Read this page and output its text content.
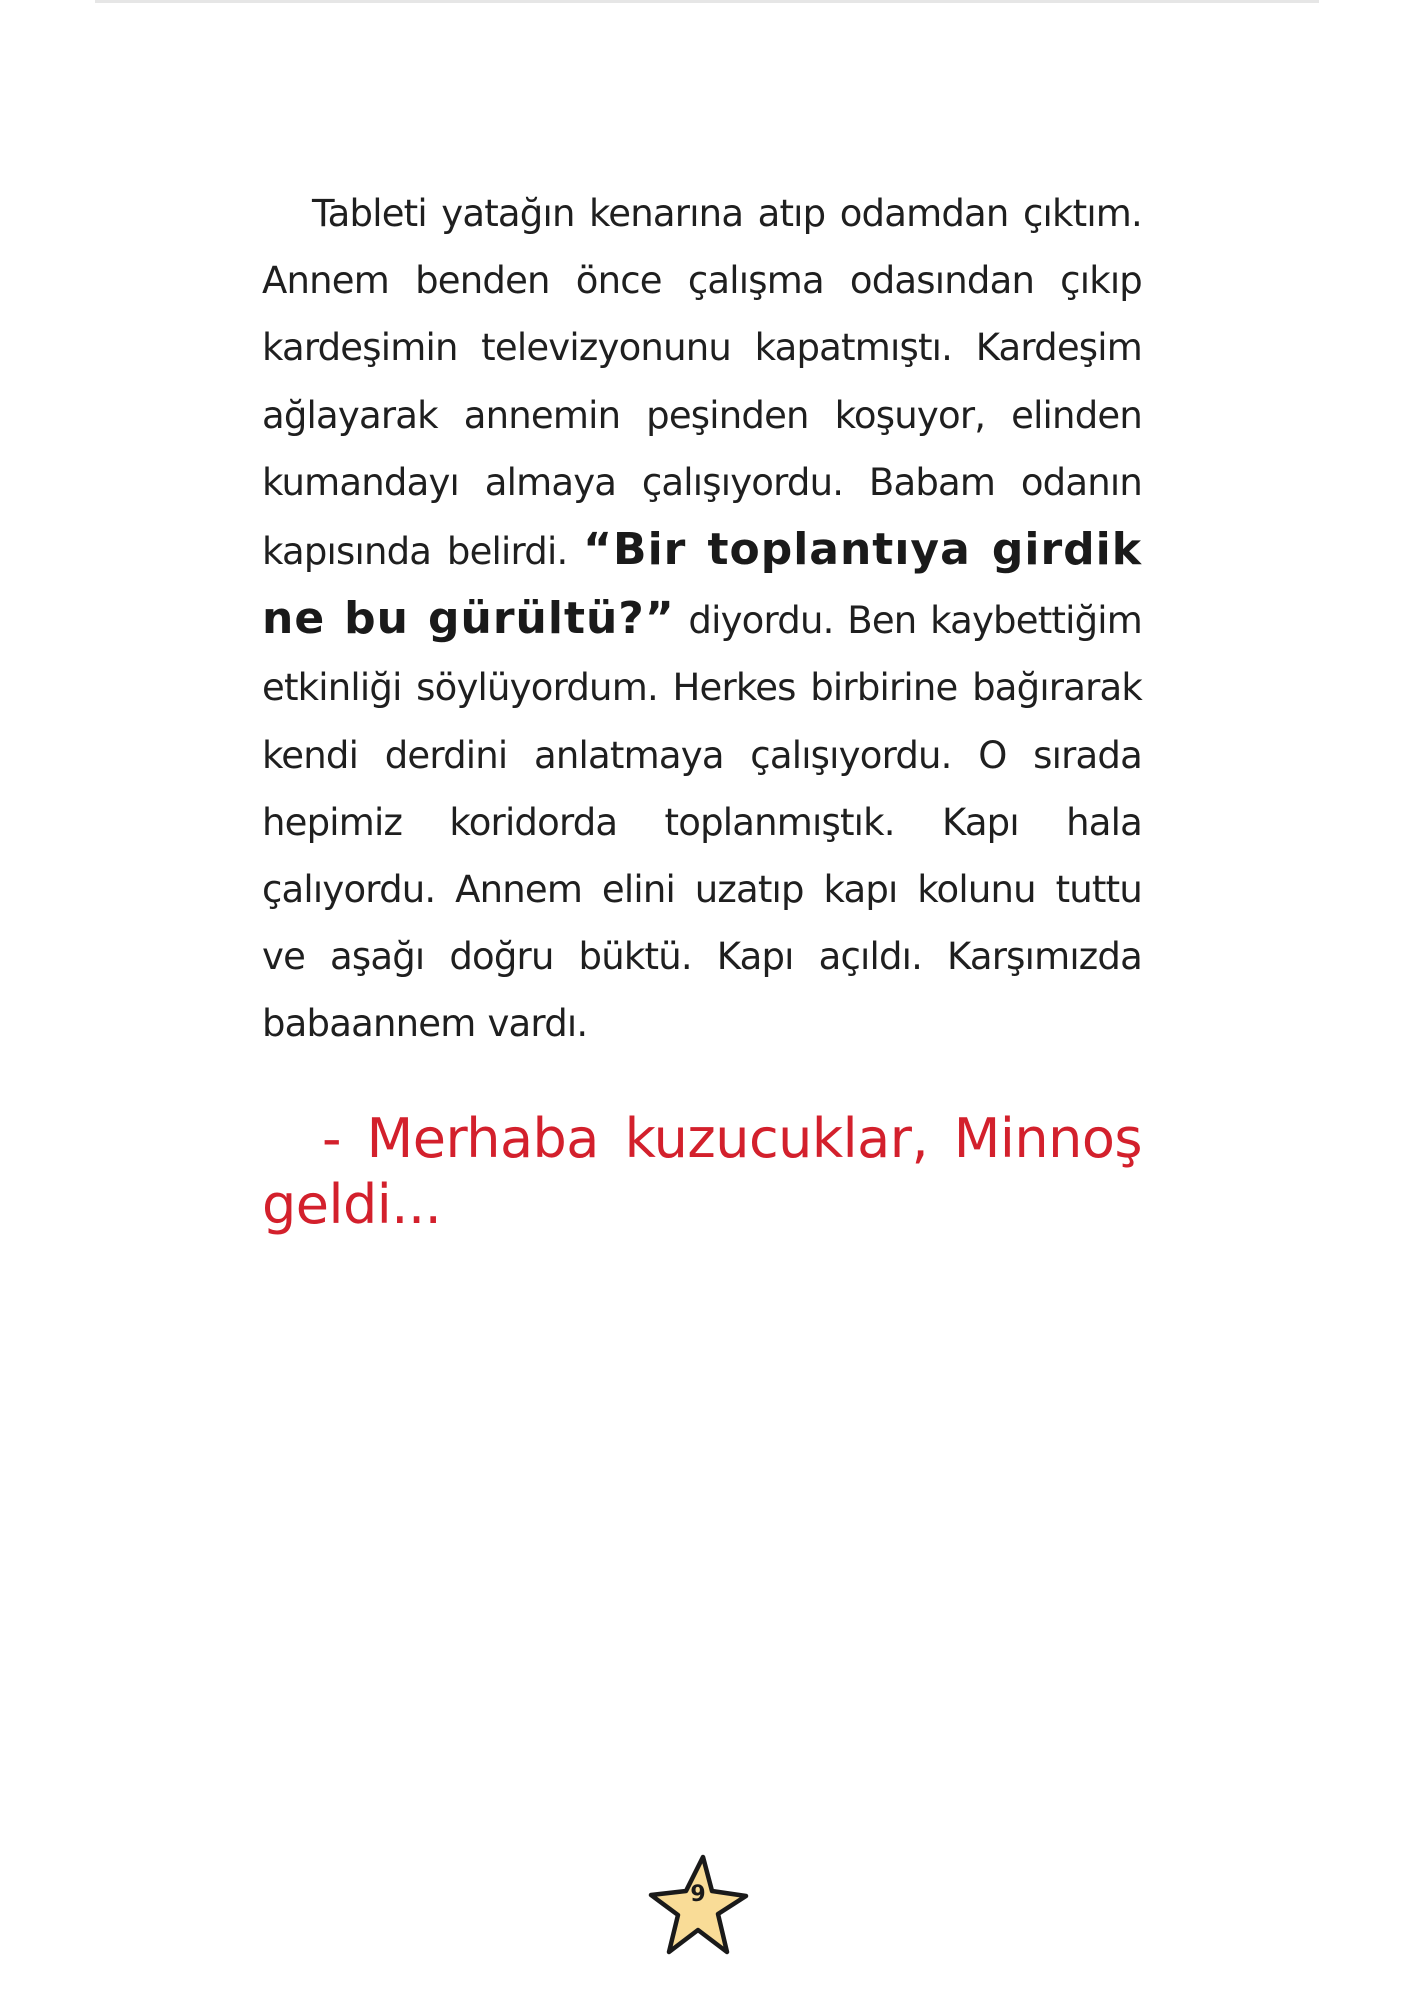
Tableti yatağın kenarına atıp odamdan çıktım. Annem benden önce çalışma odasından çıkıp kardeşimin televizyonunu kapatmıştı. Kardeşim ağlayarak annemin peşinden koşuyor, elinden kumandayı almaya çalışıyordu. Babam odanın kapısında belirdi. “Bir toplantıya girdik ne bu gürültü?” diyordu. Ben kaybettiğim etkinliği söylüyordum. Herkes birbirine bağırarak kendi derdini anlatmaya çalışıyordu. O sırada hepimiz koridorda toplanmıştık. Kapı hala çalıyordu. Annem elini uzatıp kapı kolunu tuttu ve aşağı doğru büktü. Kapı açıldı. Karşımızda babaannem vardı.

- Merhaba kuzucuklar, Minnoş geldi...

9
